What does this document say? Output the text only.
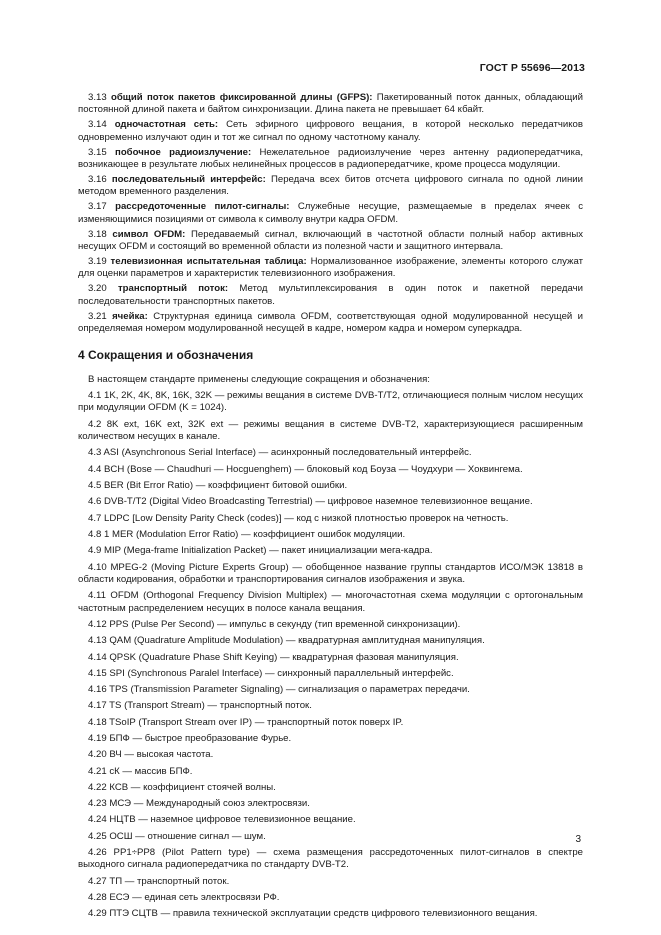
ГОСТ Р 55696—2013
3.13 общий поток пакетов фиксированной длины (GFPS): Пакетированный поток данных, обладающий постоянной длиной пакета и байтом синхронизации. Длина пакета не превышает 64 кбайт.
3.14 одночастотная сеть: Сеть эфирного цифрового вещания, в которой несколько передатчиков одновременно излучают один и тот же сигнал по одному частотному каналу.
3.15 побочное радиоизлучение: Нежелательное радиоизлучение через антенну радиопередатчика, возникающее в результате любых нелинейных процессов в радиопередатчике, кроме процесса модуляции.
3.16 последовательный интерфейс: Передача всех битов отсчета цифрового сигнала по одной линии методом временного разделения.
3.17 рассредоточенные пилот-сигналы: Служебные несущие, размещаемые в пределах ячеек с изменяющимися позициями от символа к символу внутри кадра OFDM.
3.18 символ OFDM: Передаваемый сигнал, включающий в частотной области полный набор активных несущих OFDM и состоящий во временной области из полезной части и защитного интервала.
3.19 телевизионная испытательная таблица: Нормализованное изображение, элементы которого служат для оценки параметров и характеристик телевизионного изображения.
3.20 транспортный поток: Метод мультиплексирования в один поток и пакетной передачи последовательности транспортных пакетов.
3.21 ячейка: Структурная единица символа OFDM, соответствующая одной модулированной несущей и определяемая номером модулированной несущей в кадре, номером кадра и номером суперкадра.
4 Сокращения и обозначения
В настоящем стандарте применены следующие сокращения и обозначения:
4.1 1K, 2K, 4K, 8K, 16K, 32K — режимы вещания в системе DVB-T/T2, отличающиеся полным числом несущих при модуляции OFDM (K = 1024).
4.2 8K ext, 16K ext, 32K ext — режимы вещания в системе DVB-T2, характеризующиеся расширенным количеством несущих в канале.
4.3 ASI (Asynchronous Serial Interface) — асинхронный последовательный интерфейс.
4.4 BCH (Bose — Chaudhuri — Hocguenghem) — блоковый код Боуза — Чоудхури — Хоквингема.
4.5 BER (Bit Error Ratio) — коэффициент битовой ошибки.
4.6 DVB-T/T2 (Digital Video Broadcasting Terrestrial) — цифровое наземное телевизионное вещание.
4.7 LDPC [Low Density Parity Check (codes)] — код с низкой плотностью проверок на четность.
4.8 1 MER (Modulation Error Ratio) — коэффициент ошибок модуляции.
4.9 MIP (Mega-frame Initialization Packet) — пакет инициализации мега-кадра.
4.10 MPEG-2 (Moving Picture Experts Group) — обобщенное название группы стандартов ИСО/МЭК 13818 в области кодирования, обработки и транспортирования сигналов изображения и звука.
4.11 OFDM (Orthogonal Frequency Division Multiplex) — многочастотная схема модуляции с ортогональным частотным распределением несущих в полосе канала вещания.
4.12 PPS (Pulse Per Second) — импульс в секунду (тип временной синхронизации).
4.13 QAM (Quadrature Amplitude Modulation) — квадратурная амплитудная манипуляция.
4.14 QPSK (Quadrature Phase Shift Keying) — квадратурная фазовая манипуляция.
4.15 SPI (Synchronous Paralel Interface) — синхронный параллельный интерфейс.
4.16 TPS (Transmission Parameter Signaling) — сигнализация о параметрах передачи.
4.17 TS (Transport Stream) — транспортный поток.
4.18 TSoIP (Transport Stream over IP) — транспортный поток поверх IP.
4.19 БПФ — быстрое преобразование Фурье.
4.20 ВЧ — высокая частота.
4.21 сК — массив БПФ.
4.22 КСВ — коэффициент стоячей волны.
4.23 МСЭ — Международный союз электросвязи.
4.24 НЦТВ — наземное цифровое телевизионное вещание.
4.25 ОСШ — отношение сигнал — шум.
4.26 PP1÷PP8 (Pilot Pattern type) — схема размещения рассредоточенных пилот-сигналов в спектре выходного сигнала радиопередатчика по стандарту DVB-T2.
4.27 ТП — транспортный поток.
4.28 ЕСЭ — единая сеть электросвязи РФ.
4.29 ПТЭ СЦТВ — правила технической эксплуатации средств цифрового телевизионного вещания.
3
